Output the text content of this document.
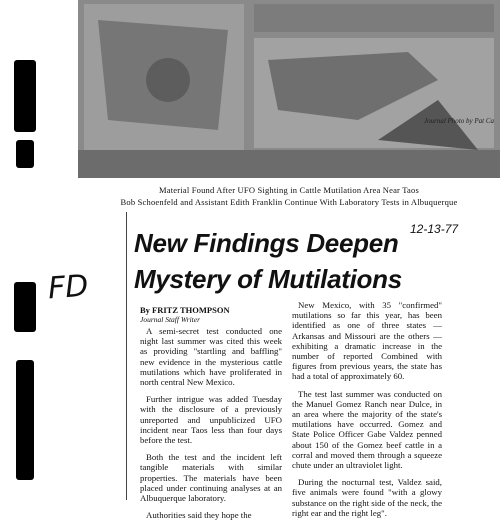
Journal Photo by Pat Ca
Material Found After UFO Sighting in Cattle Mutilation Area Near Taos
Bob Schoenfeld and Assistant Edith Franklin Continue With Laboratory Tests in Albuquerque
12-13-77
New Findings Deepen
Mystery of Mutilations
FD
By FRITZ THOMPSON
Journal Staff Writer

A semi-secret test conducted one night last summer was cited this week as providing "startling and baffling" new evidence in the mysterious cattle mutilations which have proliferated in north central New Mexico.

Further intrigue was added Tuesday with the disclosure of a previously unreported and unpublicized UFO incident near Taos less than four days before the test.

Both the test and the incident left tangible materials with similar properties. The materials have been placed under continuing analyses at an Albuquerque laboratory.

Authorities said they hope the

New Mexico, with 35 "confirmed" mutilations so far this year, has been identified as one of three states — Arkansas and Missouri are the others — exhibiting a dramatic increase in the number of reported Combined with figures from previous years, the state has had a total of approximately 60.

The test last summer was conducted on the Manuel Gomez Ranch near Dulce, in an area where the majority of the state's mutilations have occurred. Gomez and State Police Officer Gabe Valdez penned about 150 of the Gomez beef cattle in a corral and moved them through a squeeze chute under an ultraviolet light.

During the nocturnal test, Valdez said, five animals were found "with a glowy substance on the right side of the neck, the right ear and the right leg".
